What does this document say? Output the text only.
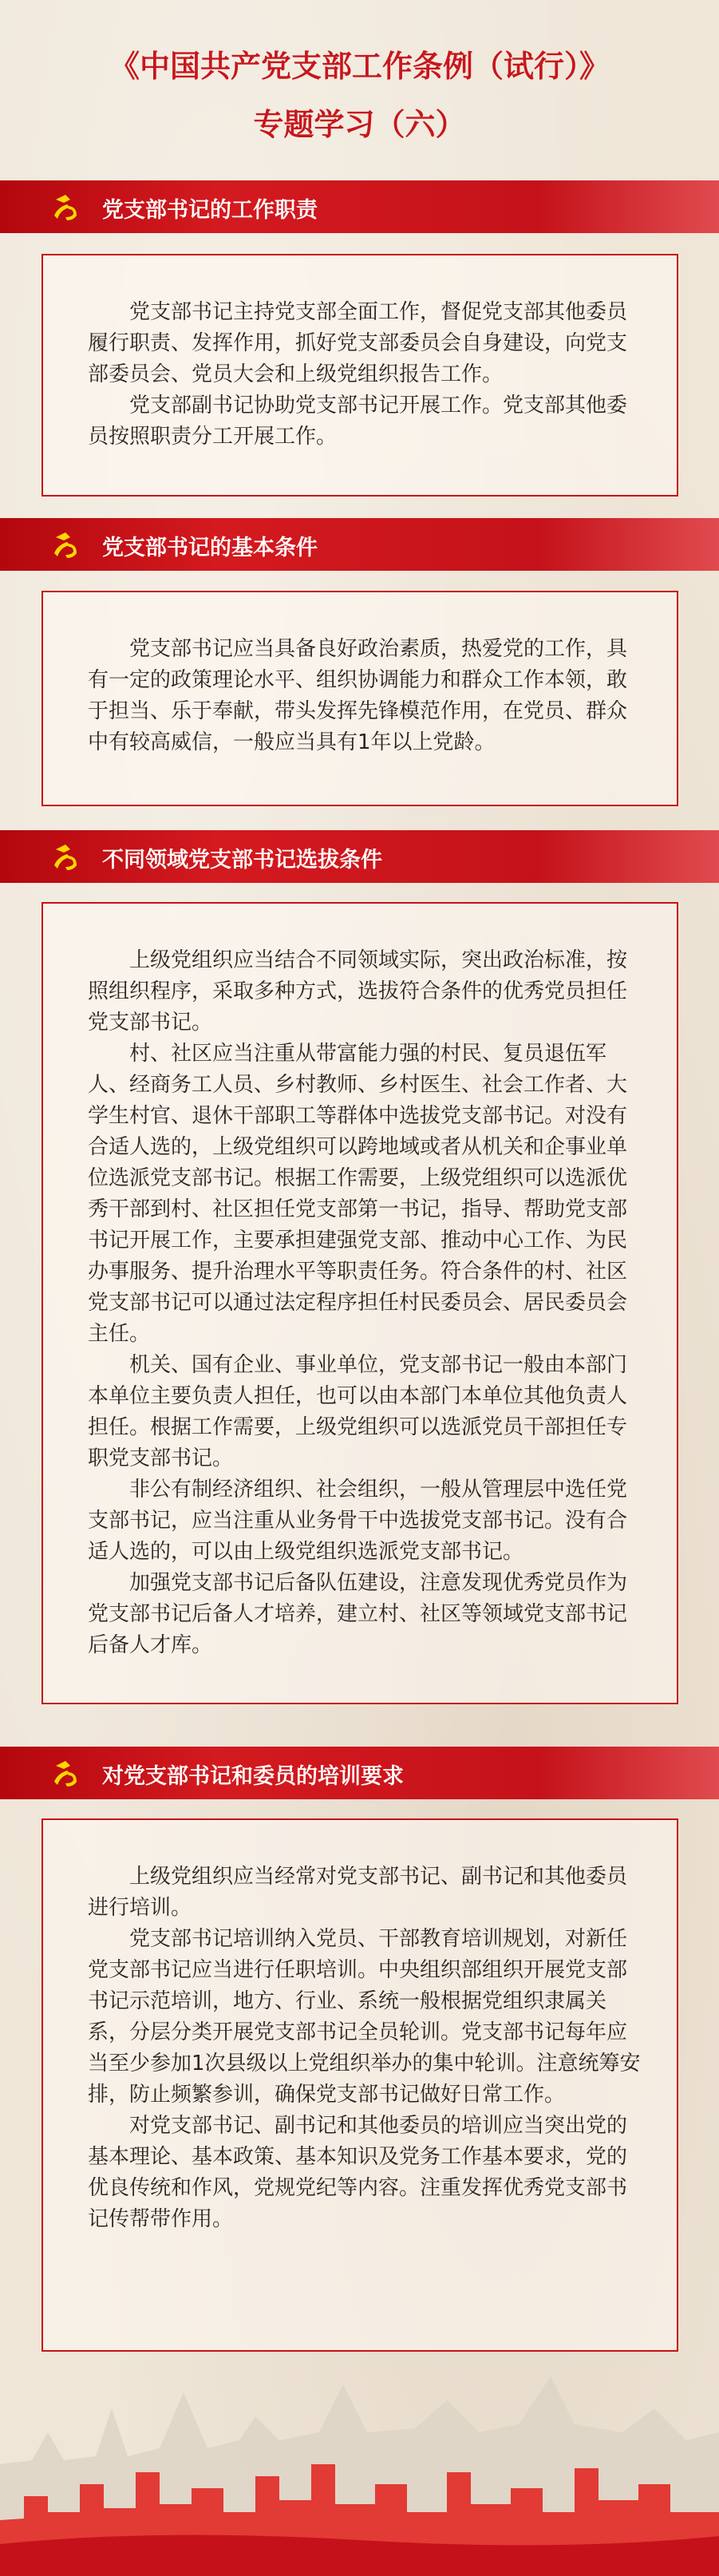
《中国共产党支部工作条例（试行）》
专题学习（六）
党支部书记的工作职责

党支部书记主持党支部全面工作，督促党支部其他委员履行职责、发挥作用，抓好党支部委员会自身建设，向党支部委员会、党员大会和上级党组织报告工作。

党支部副书记协助党支部书记开展工作。党支部其他委员按照职责分工开展工作。

党支部书记的基本条件

党支部书记应当具备良好政治素质，热爱党的工作，具有一定的政策理论水平、组织协调能力和群众工作本领，敢于担当、乐于奉献，带头发挥先锋模范作用，在党员、群众中有较高威信，一般应当具有1年以上党龄。

不同领域党支部书记选拔条件

上级党组织应当结合不同领域实际，突出政治标准，按照组织程序，采取多种方式，选拔符合条件的优秀党员担任党支部书记。

村、社区应当注重从带富能力强的村民、复员退伍军人、经商务工人员、乡村教师、乡村医生、社会工作者、大学生村官、退休干部职工等群体中选拔党支部书记。对没有合适人选的，上级党组织可以跨地域或者从机关和企事业单位选派党支部书记。根据工作需要，上级党组织可以选派优秀干部到村、社区担任党支部第一书记，指导、帮助党支部书记开展工作，主要承担建强党支部、推动中心工作、为民办事服务、提升治理水平等职责任务。符合条件的村、社区党支部书记可以通过法定程序担任村民委员会、居民委员会主任。

机关、国有企业、事业单位，党支部书记一般由本部门本单位主要负责人担任，也可以由本部门本单位其他负责人担任。根据工作需要，上级党组织可以选派党员干部担任专职党支部书记。

非公有制经济组织、社会组织，一般从管理层中选任党支部书记，应当注重从业务骨干中选拔党支部书记。没有合适人选的，可以由上级党组织选派党支部书记。

加强党支部书记后备队伍建设，注意发现优秀党员作为党支部书记后备人才培养，建立村、社区等领域党支部书记后备人才库。

对党支部书记和委员的培训要求

上级党组织应当经常对党支部书记、副书记和其他委员进行培训。

党支部书记培训纳入党员、干部教育培训规划，对新任党支部书记应当进行任职培训。中央组织部组织开展党支部书记示范培训，地方、行业、系统一般根据党组织隶属关系，分层分类开展党支部书记全员轮训。党支部书记每年应当至少参加1次县级以上党组织举办的集中轮训。注意统筹安排，防止频繁参训，确保党支部书记做好日常工作。

对党支部书记、副书记和其他委员的培训应当突出党的基本理论、基本政策、基本知识及党务工作基本要求，党的优良传统和作风，党规党纪等内容。注重发挥优秀党支部书记传帮带作用。
